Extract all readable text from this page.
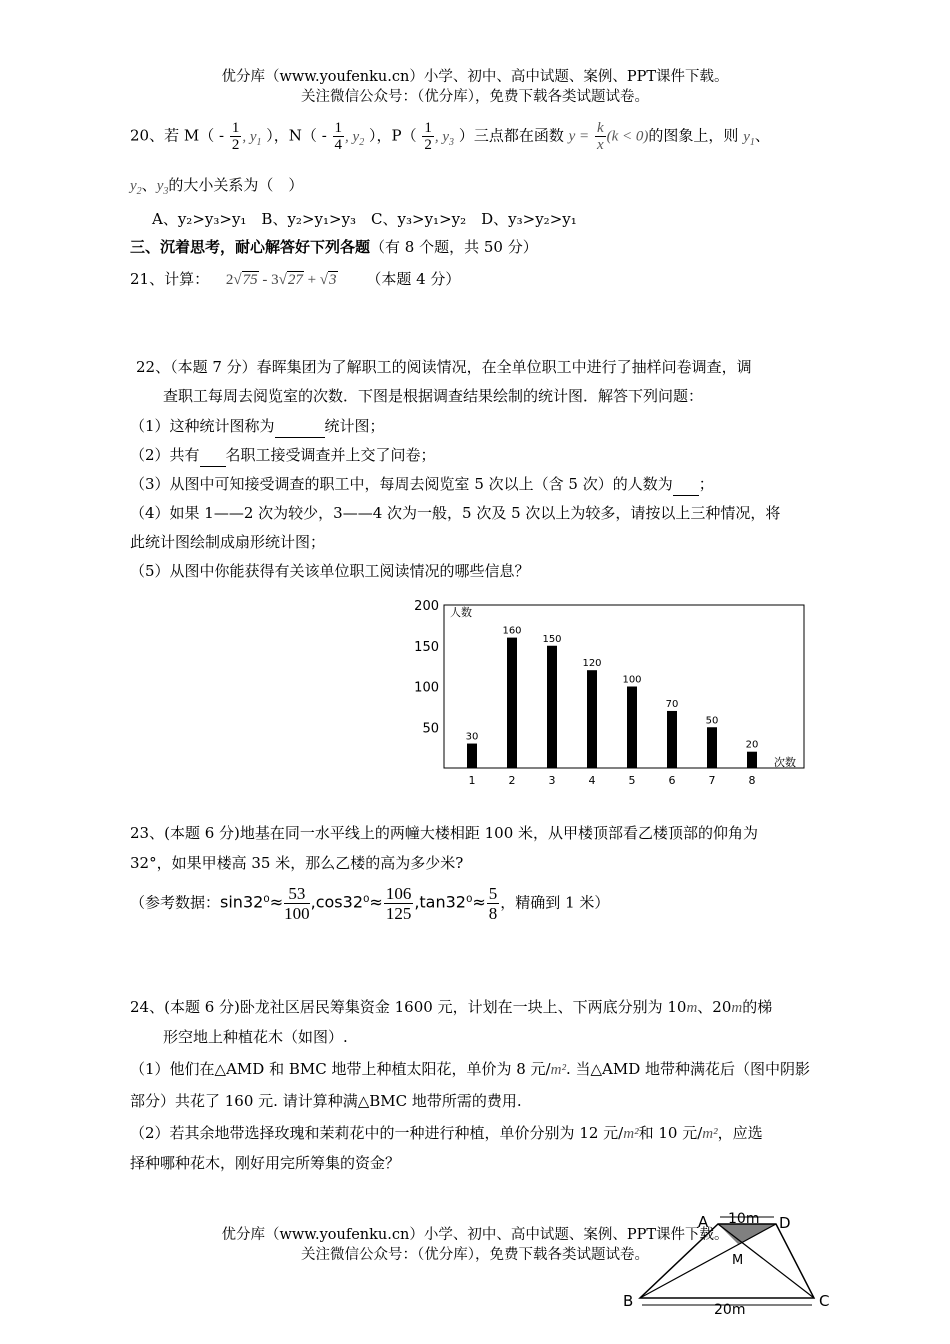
优分库（www.youfenku.cn）小学、初中、高中试题、案例、PPT课件下载。
关注微信公众号：（优分库），免费下载各类试题试卷。
20、若 $M( - \frac{1}{2}$ , $y_1$ ），$N( - \frac{1}{4}$ , $y_2$ ），$P( \frac{1}{2}$ , $y_3$ ）三点都在函数 $y = \frac{k}{x} (k < 0)$的图象上，则 $y_1$、
$y_2$、$y_3$的大小关系为（　）
A、y₂>y₃>y₁　B、y₂>y₁>y₃　C、y₃>y₁>y₂　D、y₃>y₂>y₁
三、沉着思考，耐心解答好下列各题（有 8 个题，共 50 分）
21、计算： 2√75 - 3√27 + √3 （本题 4 分）
22、（本题 7 分）春晖集团为了解职工的阅读情况，在全单位职工中进行了抽样问卷调查，调
查职工每周去阅览室的次数．下图是根据调查结果绘制的统计图．解答下列问题：
（1）这种统计图称为	统计图；
（2）共有 名职工接受调查并上交了问卷；
（3）从图中可知接受调查的职工中，每周去阅览室 5 次以上（含 5 次）的人数为 ；
（4）如果 1——2 次为较少，3——4 次为一般，5 次及 5 次以上为较多，请按以上三种情况，将
此统计图绘制成扇形统计图；
（5）从图中你能获得有关该单位职工阅读情况的哪些信息？
50
100
150
200
30
160
150
120
100
70
50
20
1	2	3	4	5	6	7	8
人数
次数
23、(本题 6 分)地基在同一水平线上的两幢大楼相距 100 米，从甲楼顶部看乙楼顶部的仰角为
32°，如果甲楼高 35 米，那么乙楼的高为多少米?
（参考数据：$\sin 32^0\approx \frac{53}{100} ,\cos 32^0\approx \frac{106}{125} ,\tan 32^0\approx \frac{5}{8}$ ，精确到 1 米）
24、(本题 6 分)卧龙社区居民筹集资金 1600 元，计划在一块上、下两底分别为 10m、20m的梯
形空地上种植花木（如图）.
（1）他们在△AMD 和 BMC 地带上种植太阳花，单价为 8 元/m². 当△AMD 地带种满花后（图中阴影
部分）共花了 160 元. 请计算种满△BMC 地带所需的费用.
（2）若其余地带选择玫瑰和茉莉花中的一种进行种植，单价分别为 12 元/m²和 10 元/m²，应选
择种哪种花木，刚好用完所筹集的资金？
优分库（www.youfenku.cn）小学、初中、高中试题、案例、PPT课件下载。
关注微信公众号：（优分库），免费下载各类试题试卷。
A	D
B	C
M
10m
20m
